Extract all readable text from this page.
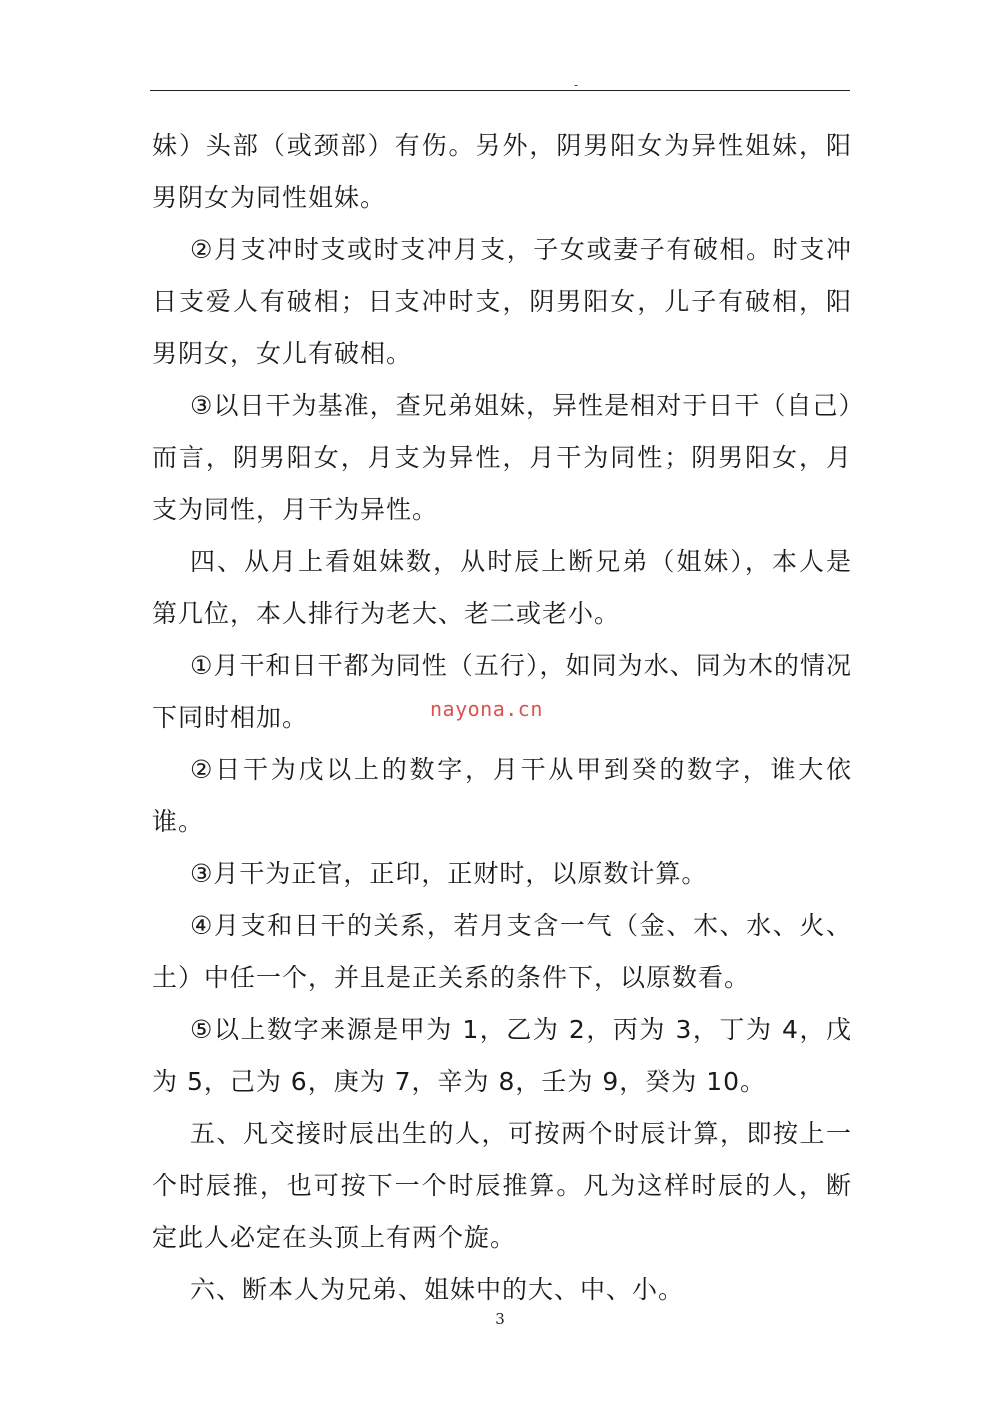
-

妹）头部（或颈部）有伤。另外，阴男阳女为异性姐妹，阳男阴女为同性姐妹。

②月支冲时支或时支冲月支，子女或妻子有破相。时支冲日支爱人有破相；日支冲时支，阴男阳女，儿子有破相，阳男阴女，女儿有破相。

③以日干为基准，查兄弟姐妹，异性是相对于日干（自己）而言，阴男阳女，月支为异性，月干为同性；阴男阳女，月支为同性，月干为异性。

四、从月上看姐妹数，从时辰上断兄弟（姐妹），本人是第几位，本人排行为老大、老二或老小。

①月干和日干都为同性（五行），如同为水、同为木的情况下同时相加。

②日干为戊以上的数字，月干从甲到癸的数字，谁大依谁。

③月干为正官，正印，正财时，以原数计算。

④月支和日干的关系，若月支含一气（金、木、水、火、土）中任一个，并且是正关系的条件下，以原数看。

⑤以上数字来源是甲为 1，乙为 2，丙为 3，丁为 4，戊为 5，己为 6，庚为 7，辛为 8，壬为 9，癸为 10。

五、凡交接时辰出生的人，可按两个时辰计算，即按上一个时辰推，也可按下一个时辰推算。凡为这样时辰的人，断定此人必定在头顶上有两个旋。

六、断本人为兄弟、姐妹中的大、中、小。

nayona.cn
3
